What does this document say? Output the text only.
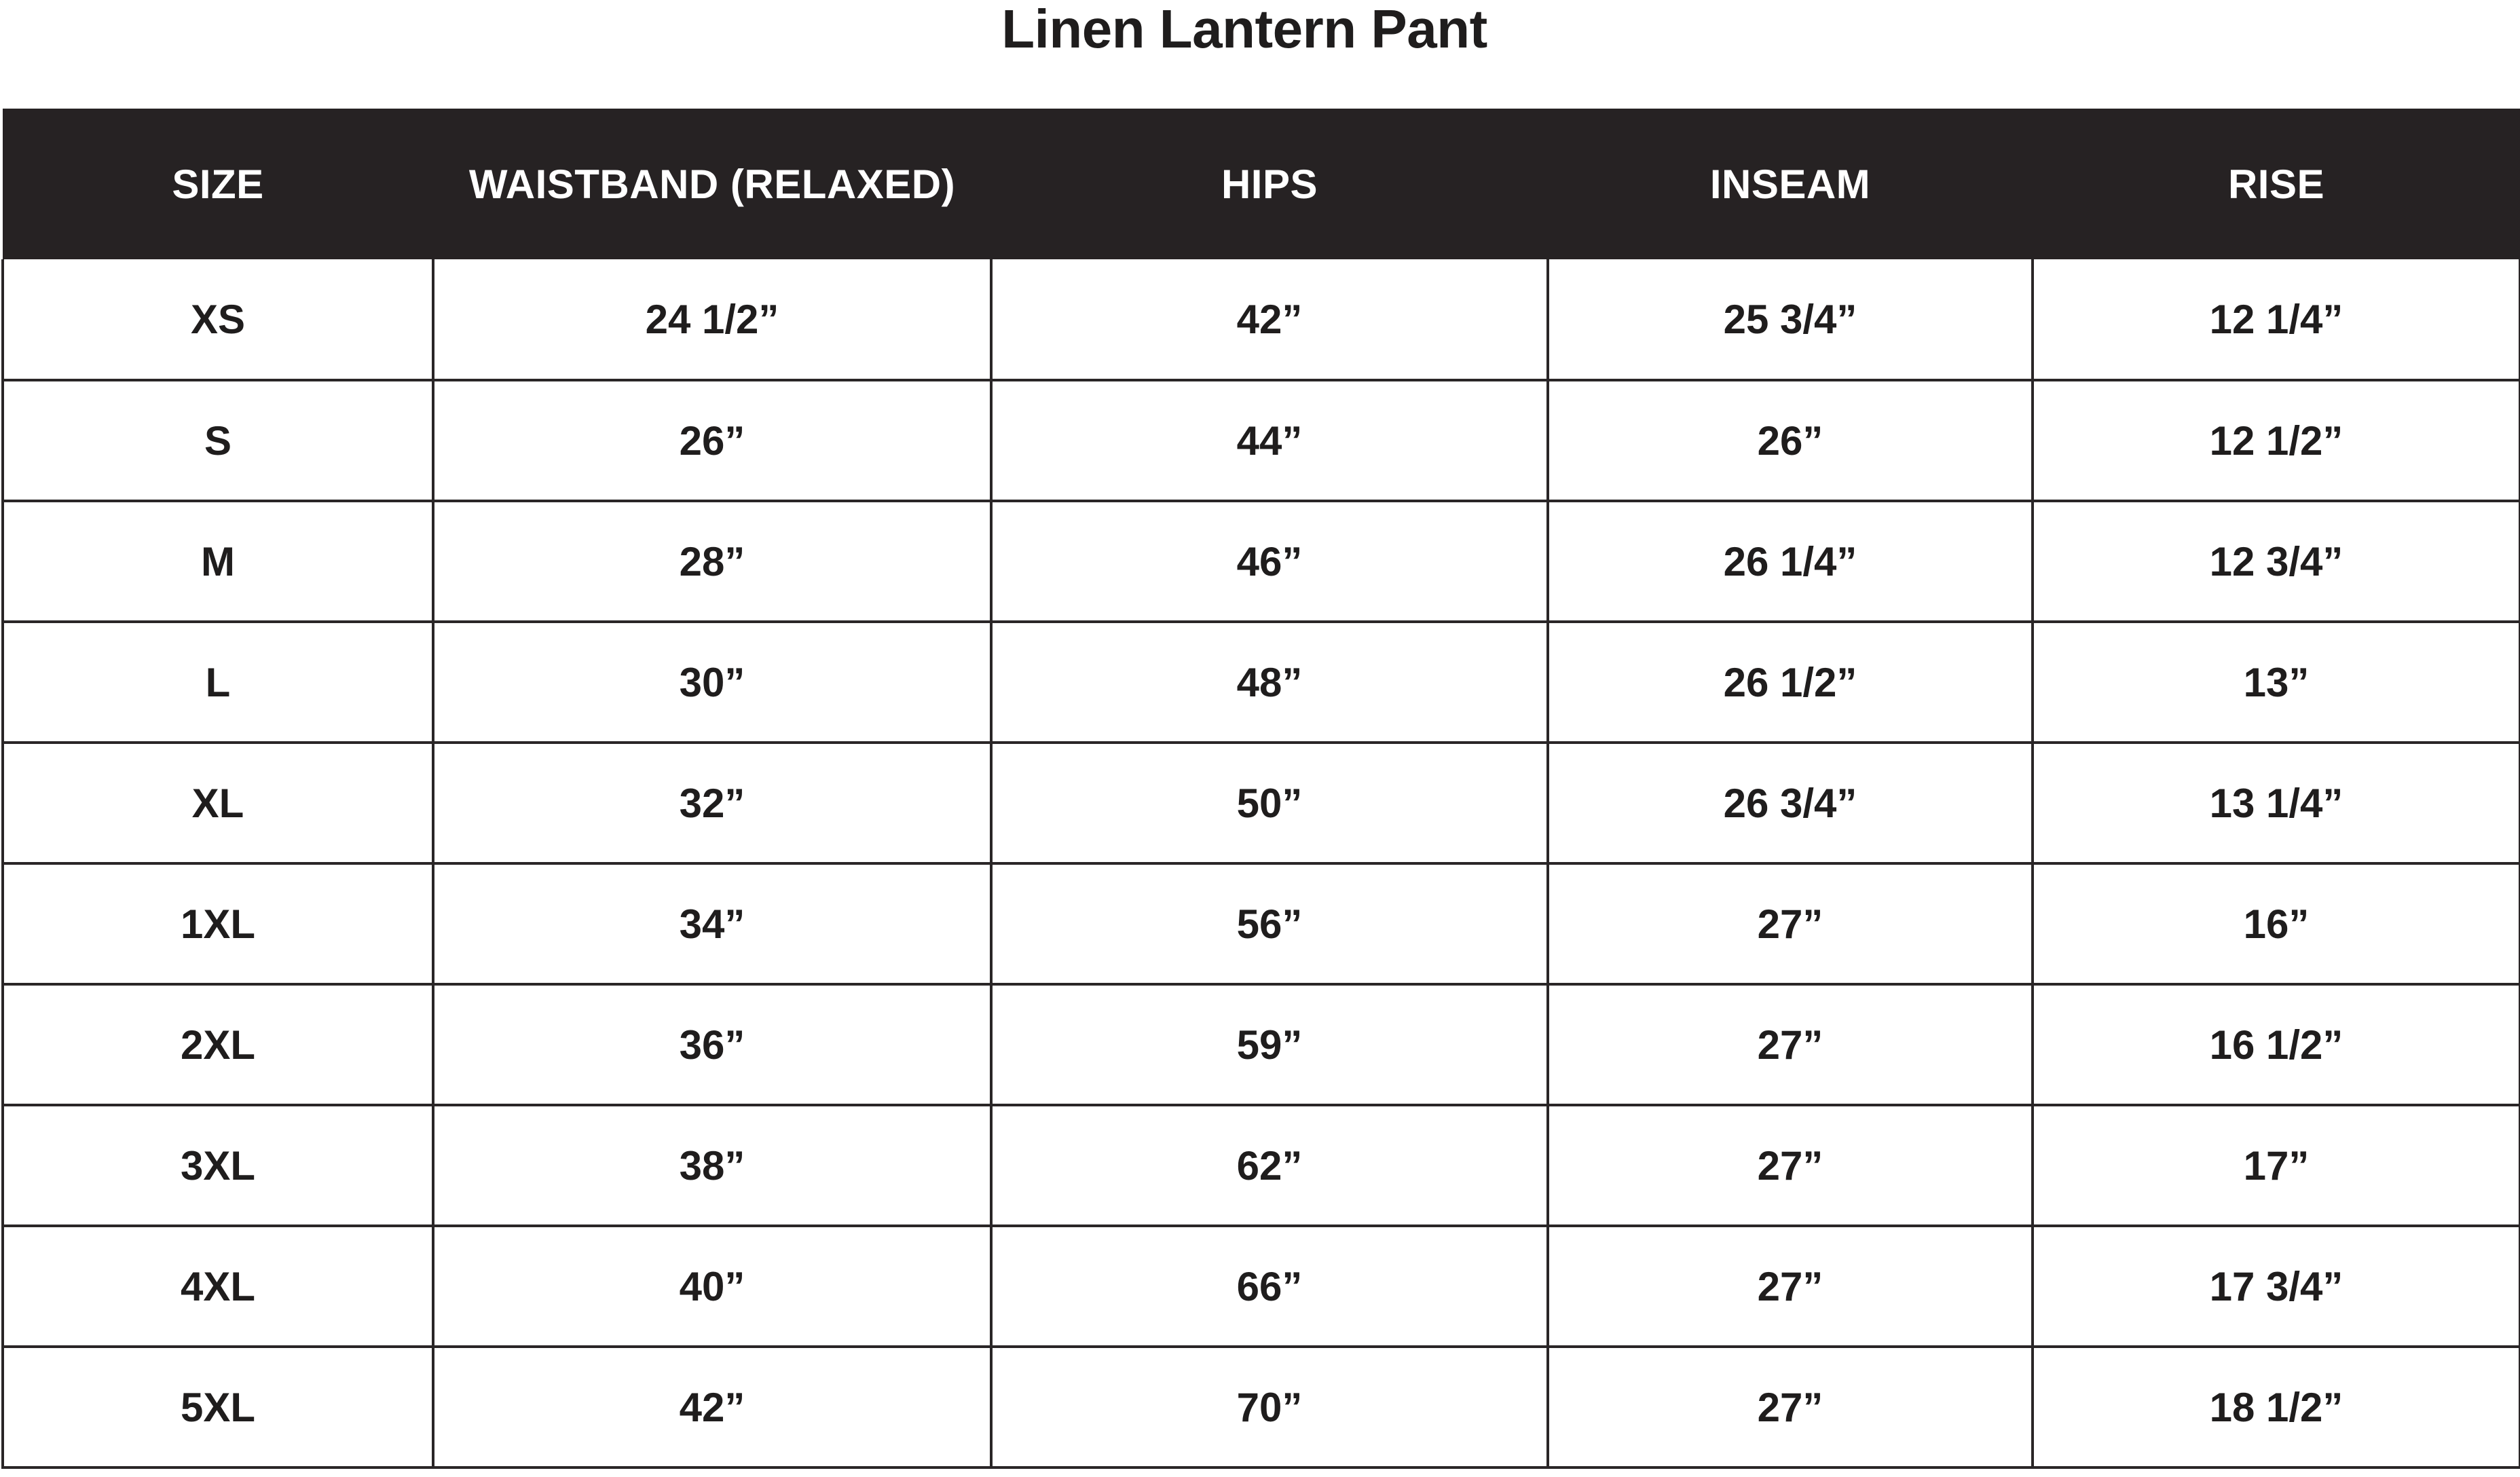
Linen Lantern Pant
SIZE	WAISTBAND (RELAXED)	HIPS	INSEAM	RISE
XS	24 1/2”	42”	25 3/4”	12 1/4”
S	26”	44”	26”	12 1/2”
M	28”	46”	26 1/4”	12 3/4”
L	30”	48”	26 1/2”	13”
XL	32”	50”	26 3/4”	13 1/4”
1XL	34”	56”	27”	16”
2XL	36”	59”	27”	16 1/2”
3XL	38”	62”	27”	17”
4XL	40”	66”	27”	17 3/4”
5XL	42”	70”	27”	18 1/2”
